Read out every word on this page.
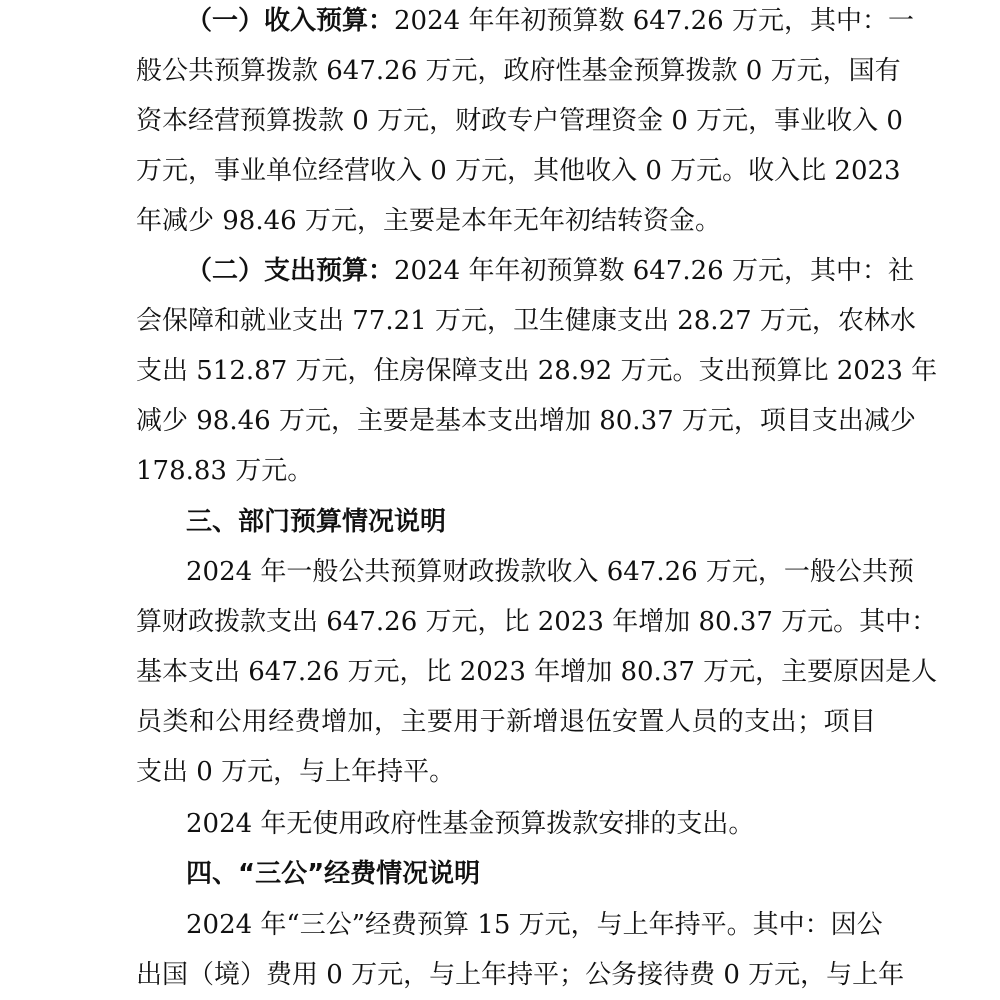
（一）收入预算：2024 年年初预算数 647.26 万元，其中：一
般公共预算拨款 647.26 万元，政府性基金预算拨款 0 万元，国有
资本经营预算拨款 0 万元，财政专户管理资金 0 万元，事业收入 0
万元，事业单位经营收入 0 万元，其他收入 0 万元。收入比 2023
年减少 98.46 万元，主要是本年无年初结转资金。
（二）支出预算：2024 年年初预算数 647.26 万元，其中：社
会保障和就业支出 77.21 万元，卫生健康支出 28.27 万元，农林水
支出 512.87 万元，住房保障支出 28.92 万元。支出预算比 2023 年
减少 98.46 万元，主要是基本支出增加 80.37 万元，项目支出减少
178.83 万元。
三、部门预算情况说明
2024 年一般公共预算财政拨款收入 647.26 万元，一般公共预
算财政拨款支出 647.26 万元，比 2023 年增加 80.37 万元。其中：
基本支出 647.26 万元，比 2023 年增加 80.37 万元，主要原因是人
员类和公用经费增加，主要用于新增退伍安置人员的支出；项目
支出 0 万元，与上年持平。
2024 年无使用政府性基金预算拨款安排的支出。
四、“三公”经费情况说明
2024 年“三公”经费预算 15 万元，与上年持平。其中：因公
出国（境）费用 0 万元，与上年持平；公务接待费 0 万元，与上年
